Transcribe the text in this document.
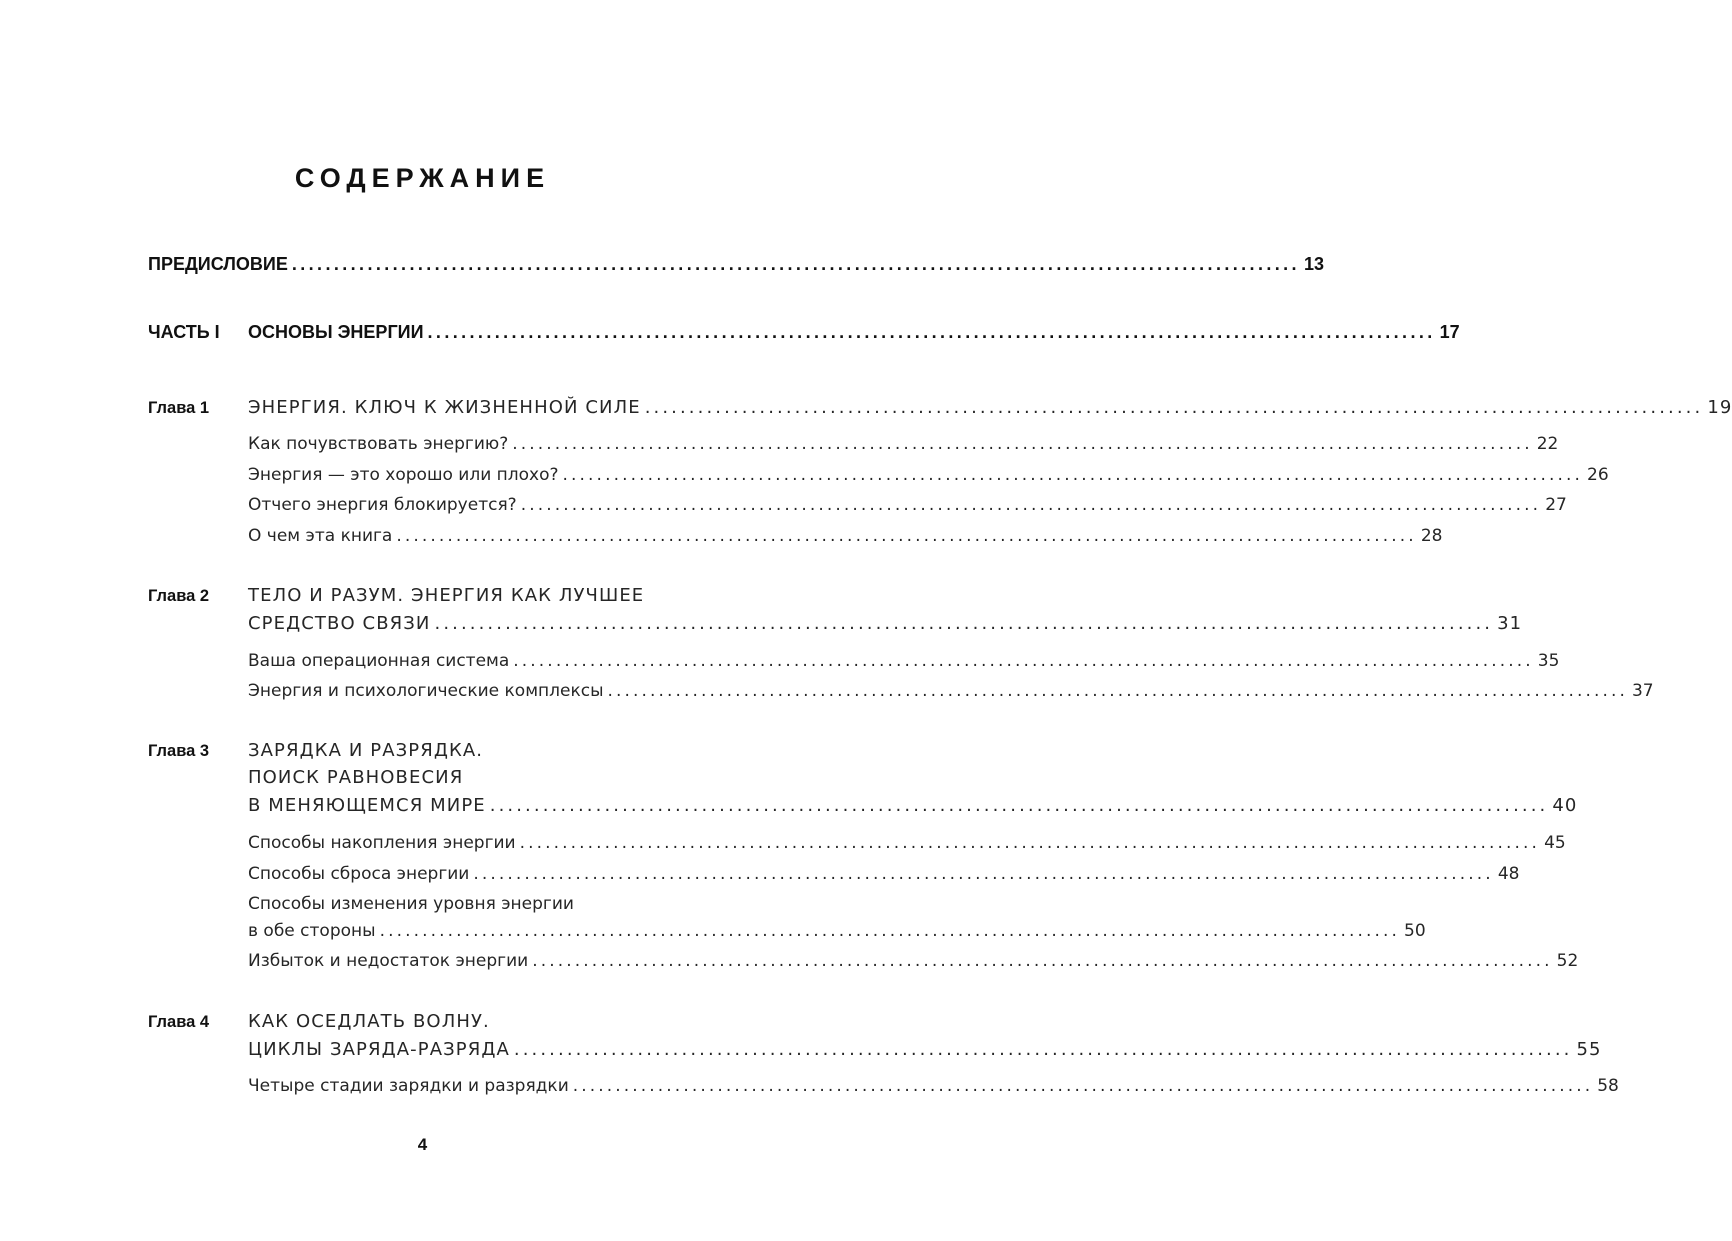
СОДЕРЖАНИЕ
ПРЕДИСЛОВИЕ ........................................................................................................................ 13
ЧАСТЬ I ОСНОВЫ ЭНЕРГИИ ........................................................................................................................ 17
Глава 1 ЭНЕРГИЯ. КЛЮЧ К ЖИЗНЕННОЙ СИЛЕ ........................................................................................................................ 19
Как почувствовать энергию? ........................................................................................................................ 22
Энергия — это хорошо или плохо? ........................................................................................................................ 26
Отчего энергия блокируется? ........................................................................................................................ 27
О чем эта книга ........................................................................................................................ 28
Глава 2 ТЕЛО И РАЗУМ. ЭНЕРГИЯ КАК ЛУЧШЕЕ
СРЕДСТВО СВЯЗИ ........................................................................................................................ 31
Ваша операционная система ........................................................................................................................ 35
Энергия и психологические комплексы ........................................................................................................................ 37
Глава 3 ЗАРЯДКА И РАЗРЯДКА.
ПОИСК РАВНОВЕСИЯ
В МЕНЯЮЩЕМСЯ МИРЕ ........................................................................................................................ 40
Способы накопления энергии ........................................................................................................................ 45
Способы сброса энергии ........................................................................................................................ 48
Способы изменения уровня энергии
в обе стороны ........................................................................................................................ 50
Избыток и недостаток энергии ........................................................................................................................ 52
Глава 4 КАК ОСЕДЛАТЬ ВОЛНУ.
ЦИКЛЫ ЗАРЯДА-РАЗРЯДА ........................................................................................................................ 55
Четыре стадии зарядки и разрядки ........................................................................................................................ 58
4
